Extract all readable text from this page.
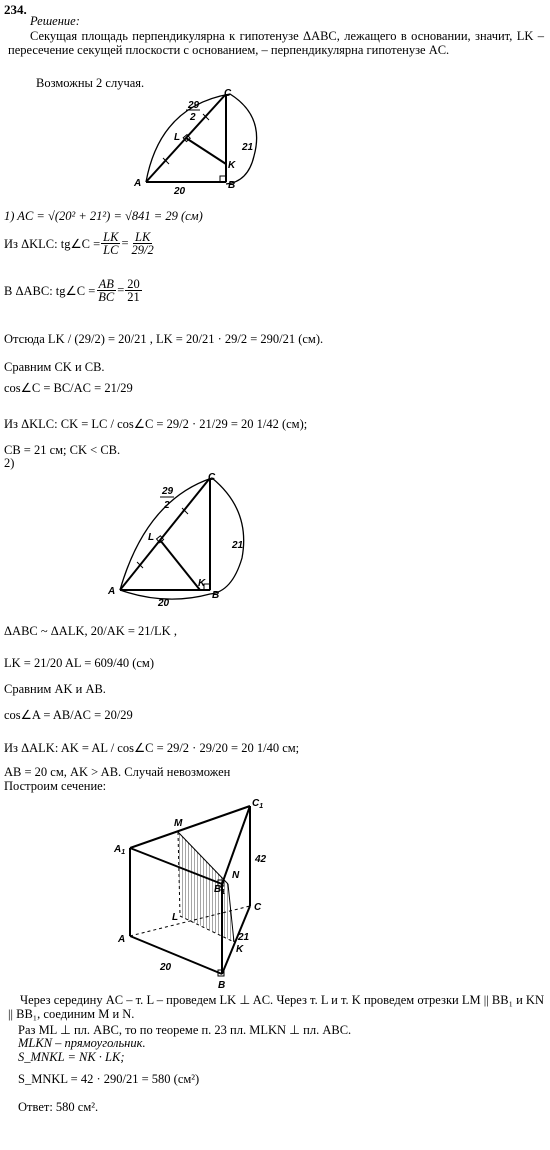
234.
Решение:
Секущая площадь перпендикулярна к гипотенузе ΔABC, лежащего в основании, значит, LK – пересечение секущей плоскости с основанием, – перпендикулярна гипотенузе AC.
Возможны 2 случая.
A	B
C
L
K
20
21
29
2
1) AC = √(20² + 21²) = √841 = 29 (см)
Из ΔKLC: tg∠C = $\frac{LK}{LC} = \frac{LK}{29/2}$
В ΔABC: tg∠C = $\frac{AB}{BC} = \frac{20}{21}$
Отсюда LK / (29/2) = 20/21 , LK = 20/21 · 29/2 = 290/21 (см).
Сравним CK и CB.
cos∠C = BC/AC = 21/29
Из ΔKLC: CK = LC / cos∠C = 29/2 · 21/29 = 20 1/42 (см);
CB = 21 см; CK < CB.
2)
A	B
C
L
K
20
21
29
2
ΔABC ~ ΔALK, 20/AK = 21/LK ,
LK = 21/20 AL = 609/40 (см)
Сравним AK и AB.
cos∠A = AB/AC = 20/29
Из ΔALK: AK = AL / cos∠C = 29/2 · 29/20 = 20 1/40 см;
AB = 20 см, AK > AB. Случай невозможен
Построим сечение:
$A_1$
$C_1$
$B_1$
M
N
L
K
A
B
C
42
20
21
Через середину AC – т. L – проведем LK ⊥ AC. Через т. L и т. K проведем отрезки LM || BB₁ и KN || BB₁, соединим M и N.
Раз ML ⊥ пл. ABC, то по теореме п. 23 пл. MLKN ⊥ пл. ABC.
MLKN – прямоугольник.
S_MNKL = NK · LK;
S_MNKL = 42 · 290/21 = 580 (см²)
Ответ: 580 см².
